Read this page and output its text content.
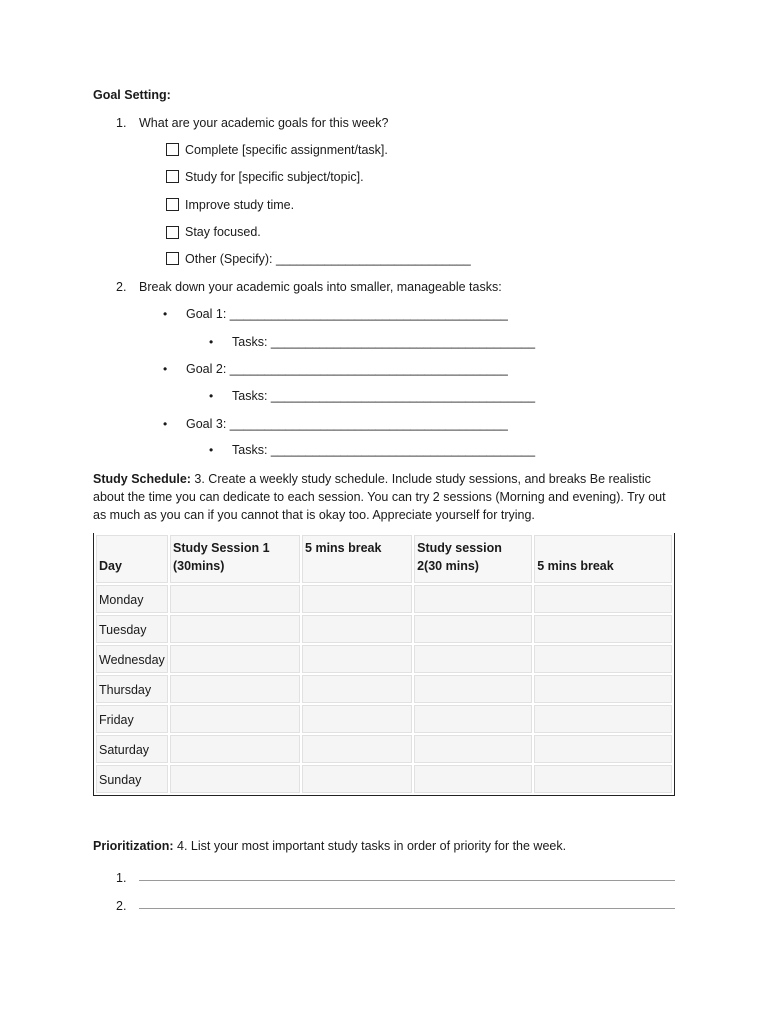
Goal Setting:
1. What are your academic goals for this week?
Complete [specific assignment/task].
Study for [specific subject/topic].
Improve study time.
Stay focused.
Other (Specify): ____________________________
2. Break down your academic goals into smaller, manageable tasks:
• Goal 1: ________________________________________
• Tasks: ______________________________________
• Goal 2: ________________________________________
• Tasks: ______________________________________
• Goal 3: ________________________________________
• Tasks: ______________________________________
Study Schedule: 3. Create a weekly study schedule. Include study sessions, and breaks Be realistic about the time you can dedicate to each session. You can try 2 sessions (Morning and evening). Try out as much as you can if you cannot that is okay too. Appreciate yourself for trying.
Day	Study Session 1 (30mins)	5 mins break	Study session 2(30 mins)	5 mins break
Monday				
Tuesday				
Wednesday				
Thursday				
Friday				
Saturday				
Sunday				
Prioritization: 4. List your most important study tasks in order of priority for the week.
1.
2.
